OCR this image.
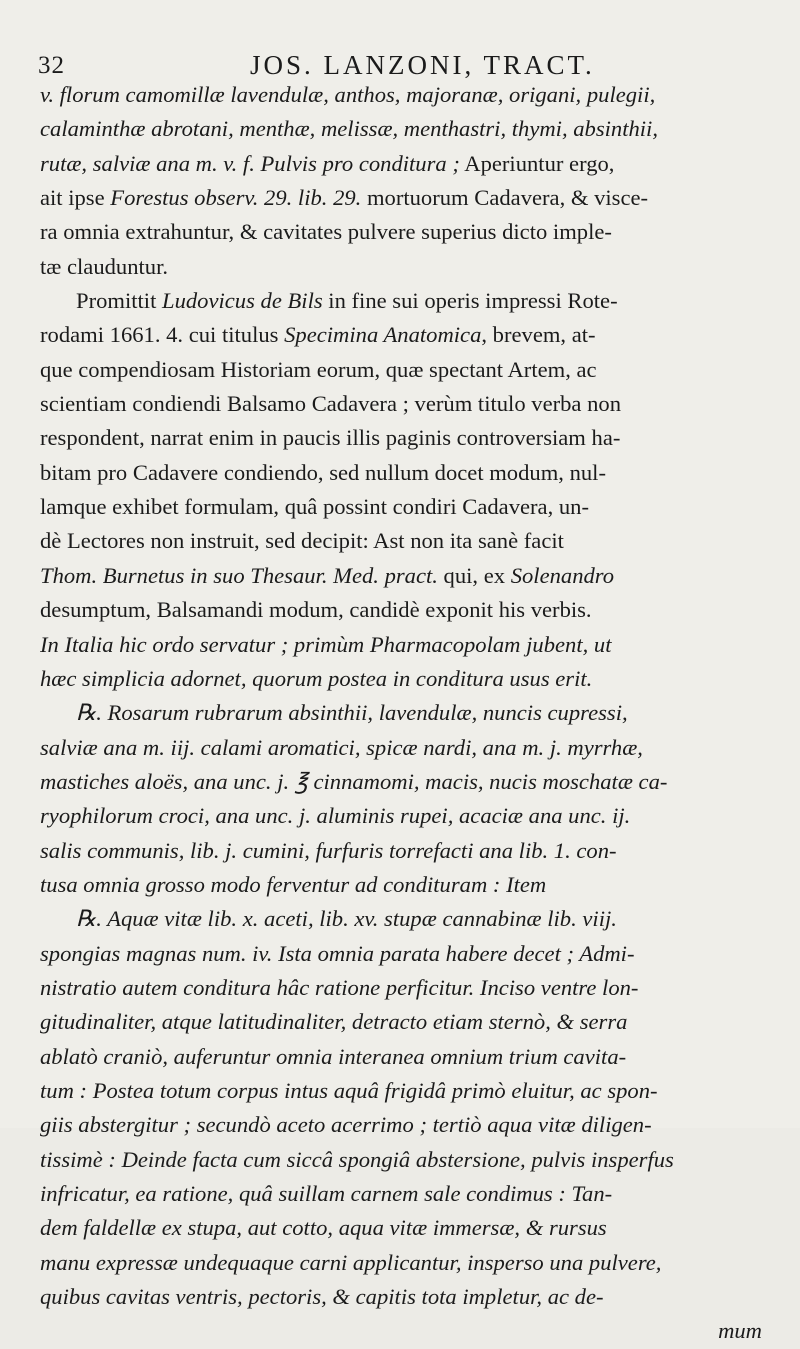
32	JOS. LANZONI, TRACT.
v. florum camomillæ lavendulæ, anthos, majoranæ, origani, pulegii,
calaminthæ abrotani, menthæ, melissæ, menthastri, thymi, absinthii,
rutæ, salviæ ana m. v. f. Pulvis pro conditura ; Aperiuntur ergo,
ait ipse Forestus observ. 29. lib. 29. mortuorum Cadavera, & visce-
ra omnia extrahuntur, & cavitates pulvere superius dicto imple-
tæ clauduntur.
Promittit Ludovicus de Bils in fine sui operis impressi Rote-
rodami 1661. 4. cui titulus Specimina Anatomica, brevem, at-
que compendiosam Historiam eorum, quæ spectant Artem, ac
scientiam condiendi Balsamo Cadavera ; verùm titulo verba non
respondent, narrat enim in paucis illis paginis controversiam ha-
bitam pro Cadavere condiendo, sed nullum docet modum, nul-
lamque exhibet formulam, quâ possint condiri Cadavera, un-
dè Lectores non instruit, sed decipit: Ast non ita sanè facit
Thom. Burnetus in suo Thesaur. Med. pract. qui, ex Solenandro
desumptum, Balsamandi modum, candidè exponit his verbis.
In Italia hic ordo servatur ; primùm Pharmacopolam jubent, ut
hæc simplicia adornet, quorum postea in conditura usus erit.
℞. Rosarum rubrarum absinthii, lavendulæ, nuncis cupressi,
salviæ ana m. iij. calami aromatici, spicæ nardi, ana m. j. myrrhæ,
mastiches aloës, ana unc. j. ℥ cinnamomi, macis, nucis moschatæ ca-
ryophilorum croci, ana unc. j. aluminis rupei, acaciæ ana unc. ij.
salis communis, lib. j. cumini, furfuris torrefacti ana lib. 1. con-
tusa omnia grosso modo ferventur ad condituram : Item
℞. Aquæ vitæ lib. x. aceti, lib. xv. stupæ cannabinæ lib. viij.
spongias magnas num. iv. Ista omnia parata habere decet ; Admi-
nistratio autem conditura hâc ratione perficitur. Inciso ventre lon-
gitudinaliter, atque latitudinaliter, detracto etiam sternò, & serra
ablatò craniò, auferuntur omnia interanea omnium trium cavita-
tum : Postea totum corpus intus aquâ frigidâ primò eluitur, ac spon-
giis abstergitur ; secundò aceto acerrimo ; tertiò aqua vitæ diligen-
tissimè : Deinde facta cum siccâ spongiâ abstersione, pulvis insperfus
infricatur, ea ratione, quâ suillam carnem sale condimus : Tan-
dem faldellæ ex stupa, aut cotto, aqua vitæ immersæ, & rursus
manu expressæ undequaque carni applicantur, insperso una pulvere,
quibus cavitas ventris, pectoris, & capitis tota impletur, ac de-
mum
